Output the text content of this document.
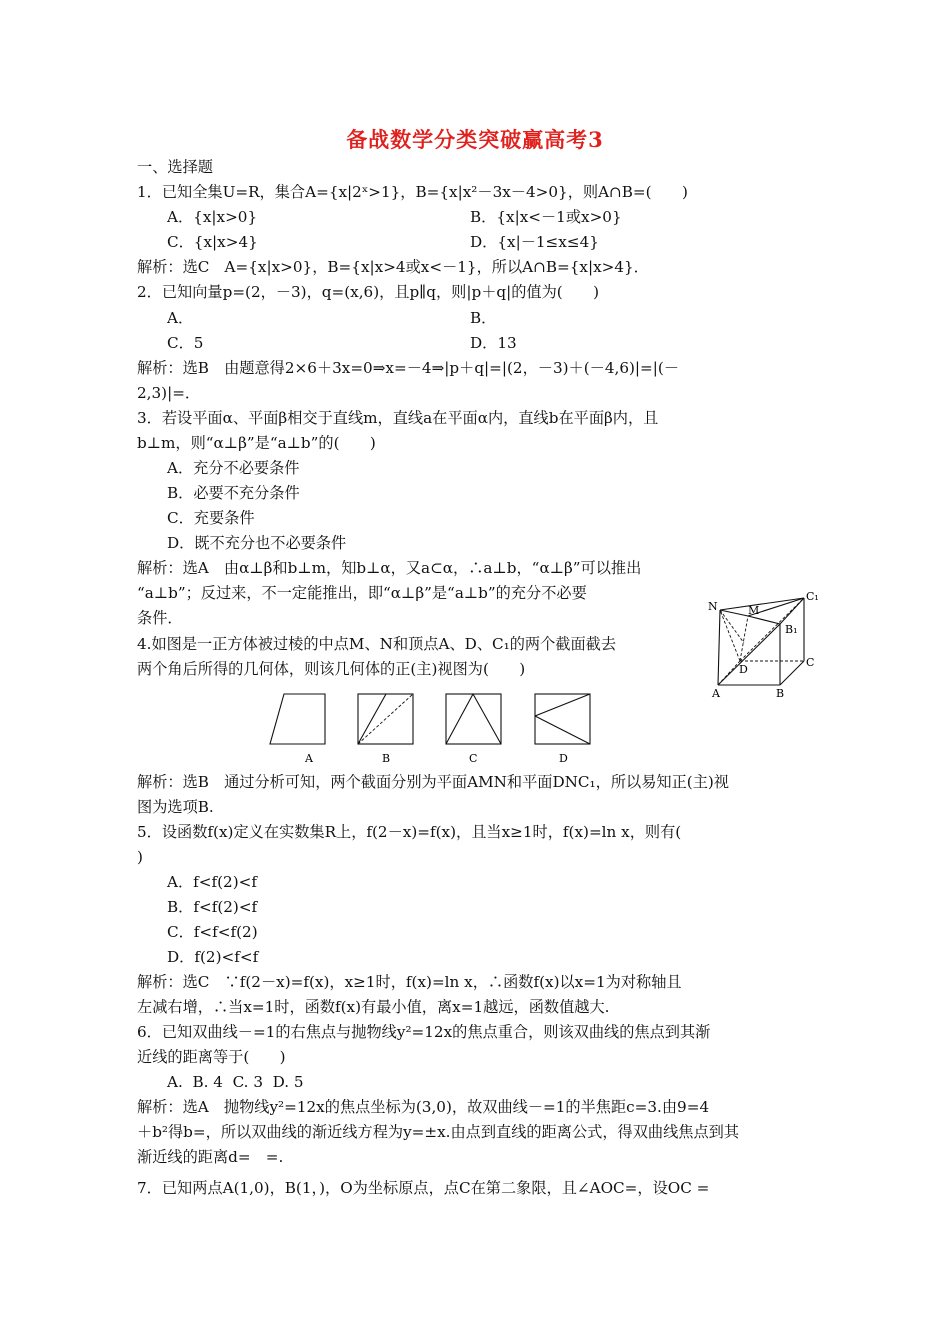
备战数学分类突破赢高考3
一、选择题
1．已知全集U=R，集合A={x|2ˣ>1}，B={x|x²－3x－4>0}，则A∩B=(　　)
A．{x|x>0}	B．{x|x<－1或x>0}
C．{x|x>4}	D．{x|－1≤x≤4}
解析：选C　A={x|x>0}，B={x|x>4或x<－1}，所以A∩B={x|x>4}．
2．已知向量p=(2，－3)，q=(x,6)，且p∥q，则|p＋q|的值为(　　)
A．	B．
C．5	D．13
解析：选B　由题意得2×6＋3x=0⇒x=－4⇒|p＋q|=|(2，－3)＋(－4,6)|=|(－
2,3)|=．
3．若设平面α、平面β相交于直线m，直线a在平面α内，直线b在平面β内，且
b⊥m，则“α⊥β”是“a⊥b”的(　　)
A．充分不必要条件
B．必要不充分条件
C．充要条件
D．既不充分也不必要条件
解析：选A　由α⊥β和b⊥m，知b⊥α，又a⊂α，∴a⊥b，“α⊥β”可以推出
“a⊥b”；反过来，不一定能推出，即“α⊥β”是“a⊥b”的充分不必要
条件．
4.如图是一正方体被过棱的中点M、N和顶点A、D、C₁的两个截面截去
两个角后所得的几何体，则该几何体的正(主)视图为(　　)
N	M
C₁
B₁
D
C
A	B
A	B	C	D
解析：选B　通过分析可知，两个截面分别为平面AMN和平面DNC₁，所以易知正(主)视
图为选项B.
5．设函数f(x)定义在实数集R上，f(2－x)=f(x)，且当x≥1时，f(x)=ln x，则有(
)
A．f<f(2)<f
B．f<f(2)<f
C．f<f<f(2)
D．f(2)<f<f
解析：选C　∵f(2－x)=f(x)，x≥1时，f(x)=ln x，∴函数f(x)以x=1为对称轴且
左减右增，∴当x=1时，函数f(x)有最小值，离x=1越远，函数值越大.
6．已知双曲线－=1的右焦点与抛物线y²=12x的焦点重合，则该双曲线的焦点到其渐
近线的距离等于(　　)
A.  B. 4  C. 3  D. 5
解析：选A　抛物线y²=12x的焦点坐标为(3,0)，故双曲线－=1的半焦距c=3.由9=4
＋b²得b=，所以双曲线的渐近线方程为y=±x.由点到直线的距离公式，得双曲线焦点到其
渐近线的距离d=　=.
7．已知两点A(1,0)，B(1，)，O为坐标原点，点C在第二象限，且∠AOC=，设OC =
